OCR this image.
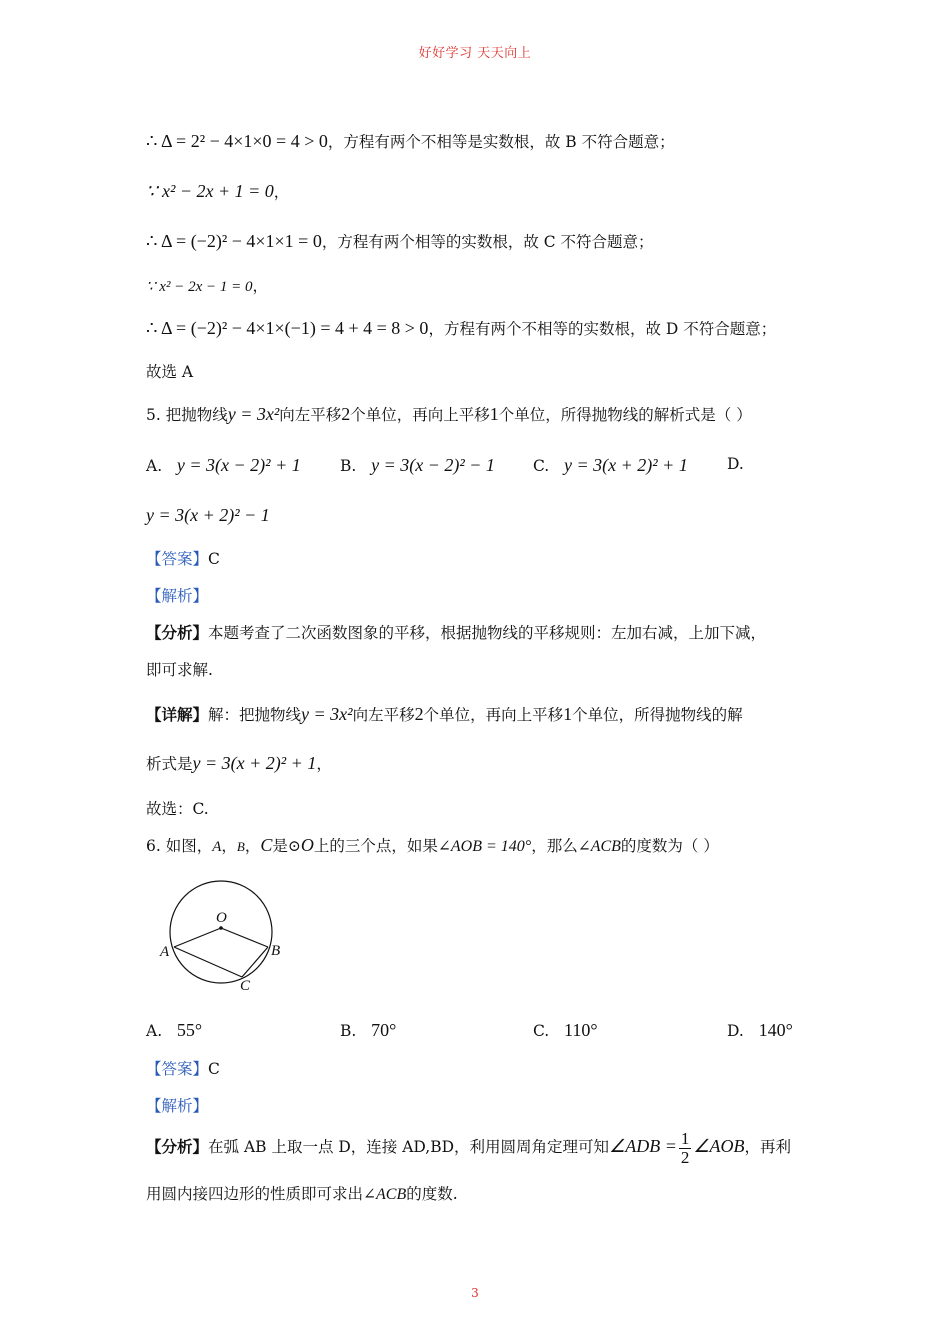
好好学习 天天向上
∴ Δ = 2² − 4×1×0 = 4 > 0，方程有两个不相等是实数根，故 B 不符合题意；
∵ x² − 2x + 1 = 0，
∴ Δ = (−2)² − 4×1×1 = 0，方程有两个相等的实数根，故 C 不符合题意；
∵ x² − 2x − 1 = 0，
∴ Δ = (−2)² − 4×1×(−1) = 4 + 4 = 8 > 0，方程有两个不相等的实数根，故 D 不符合题意；
故选 A
5. 把抛物线y = 3x²向左平移2个单位，再向上平移1个单位，所得抛物线的解析式是（ ）
A. y = 3(x − 2)² + 1	B. y = 3(x − 2)² − 1 C. y = 3(x + 2)² + 1	D.
y = 3(x + 2)² − 1
【答案】C
【解析】
【分析】本题考查了二次函数图象的平移，根据抛物线的平移规则：左加右减，上加下减，
即可求解.
【详解】解：把抛物线y = 3x²向左平移2个单位，再向上平移1个单位，所得抛物线的解
析式是y = 3(x + 2)² + 1，
故选：C.
6. 如图，A，B，C是⊙O上的三个点，如果∠AOB = 140°，那么∠ACB的度数为（ ）
O
A	B
C
A. 55°	B. 70°	C. 110°	D. 140°
【答案】C
【解析】
【分析】在弧 AB 上取一点 D，连接 AD,BD，利用圆周角定理可知∠ADB = $\frac{1}{2}$ ∠AOB，再利
用圆内接四边形的性质即可求出∠ACB的度数.
3
